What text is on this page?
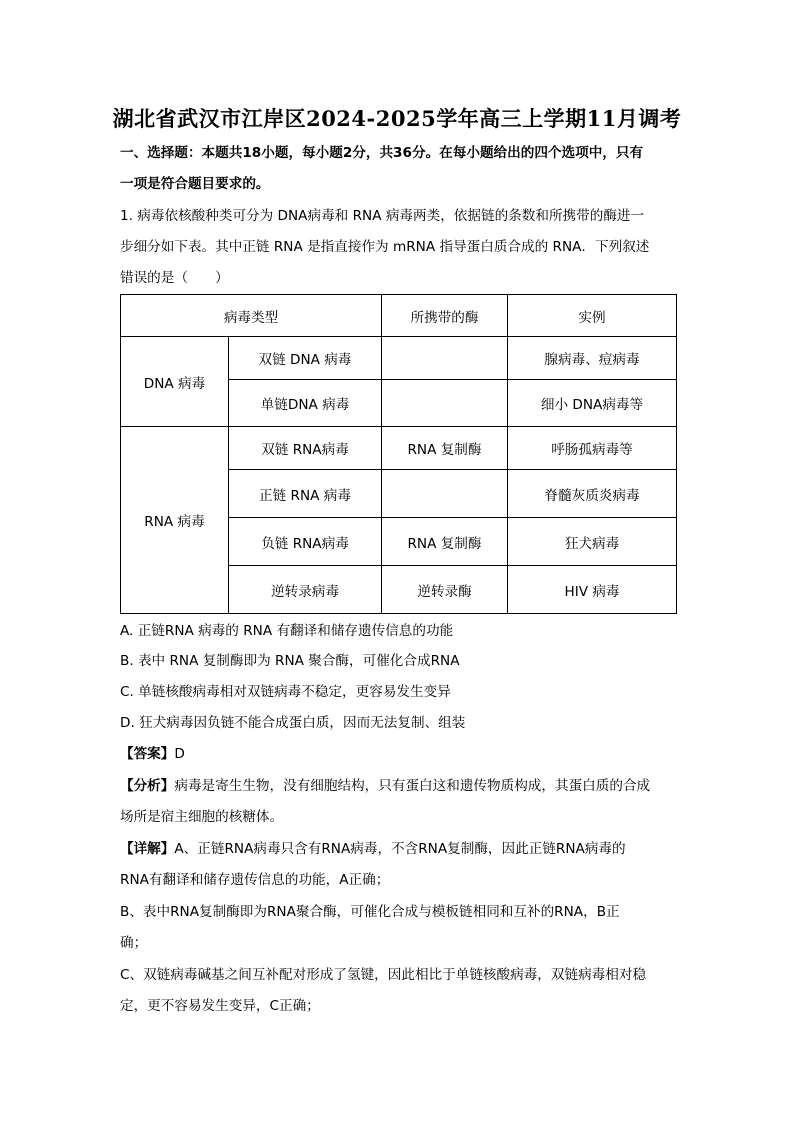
湖北省武汉市江岸区2024-2025学年高三上学期11月调考
一、选择题：本题共18小题，每小题2分，共36分。在每小题给出的四个选项中，只有
一项是符合题目要求的。
1. 病毒依核酸种类可分为 DNA病毒和 RNA 病毒两类，依据链的条数和所携带的酶进一
步细分如下表。其中正链 RNA 是指直接作为 mRNA 指导蛋白质合成的 RNA．下列叙述
错误的是（　　）
病毒类型		所携带的酶	实例
DNA 病毒	双链 DNA 病毒		腺病毒、痘病毒
	单链DNA 病毒		细小 DNA病毒等
RNA 病毒	双链 RNA病毒	RNA 复制酶	呼肠孤病毒等
	正链 RNA 病毒		脊髓灰质炎病毒
	负链 RNA病毒	RNA 复制酶	狂犬病毒
	逆转录病毒	逆转录酶	HIV 病毒
A. 正链RNA 病毒的 RNA 有翻译和储存遗传信息的功能
B. 表中 RNA 复制酶即为 RNA 聚合酶，可催化合成RNA
C. 单链核酸病毒相对双链病毒不稳定，更容易发生变异
D. 狂犬病毒因负链不能合成蛋白质，因而无法复制、组装
【答案】D
【分析】病毒是寄生生物，没有细胞结构，只有蛋白这和遗传物质构成，其蛋白质的合成
场所是宿主细胞的核糖体。
【详解】A、正链RNA病毒只含有RNA病毒，不含RNA复制酶，因此正链RNA病毒的
RNA有翻译和储存遗传信息的功能，A正确；
B、表中RNA复制酶即为RNA聚合酶，可催化合成与模板链相同和互补的RNA，B正
确；
C、双链病毒碱基之间互补配对形成了氢键，因此相比于单链核酸病毒，双链病毒相对稳
定，更不容易发生变异，C正确；
